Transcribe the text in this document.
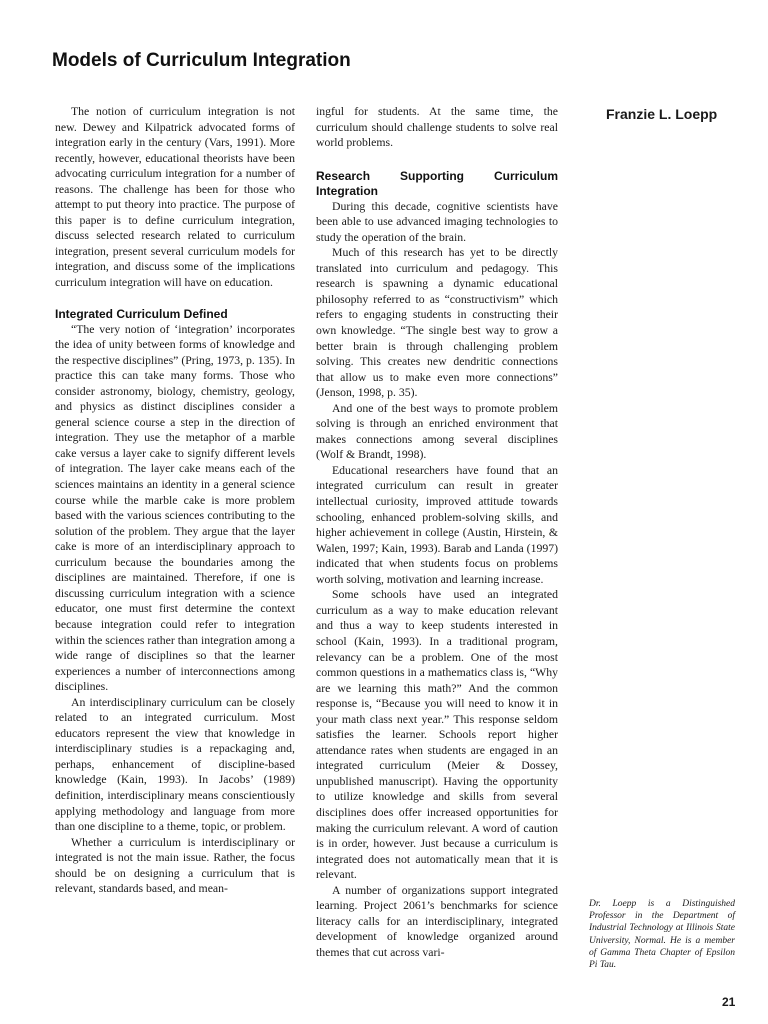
Models of Curriculum Integration

The notion of curriculum integration is not new. Dewey and Kilpatrick advocated forms of integration early in the century (Vars, 1991). More recently, however, educational theorists have been advocating curriculum integration for a number of reasons. The challenge has been for those who attempt to put theory into practice. The purpose of this paper is to define curriculum integration, discuss selected research related to curriculum integration, present several curriculum models for integration, and discuss some of the implications curriculum integration will have on education.

Integrated Curriculum Defined

“The very notion of ‘integration’ incorporates the idea of unity between forms of knowledge and the respective disciplines” (Pring, 1973, p. 135). In practice this can take many forms. Those who consider astronomy, biology, chemistry, geology, and physics as distinct disciplines consider a general science course a step in the direction of integration. They use the metaphor of a marble cake versus a layer cake to signify different levels of integration. The layer cake means each of the sciences maintains an identity in a general science course while the marble cake is more problem based with the various sciences contributing to the solution of the problem. They argue that the layer cake is more of an interdisciplinary approach to curriculum because the boundaries among the disciplines are maintained. Therefore, if one is discussing curriculum integration with a science educator, one must first determine the context because integration could refer to integration within the sciences rather than integration among a wide range of disciplines so that the learner experiences a number of interconnections among disciplines.

An interdisciplinary curriculum can be closely related to an integrated curriculum. Most educators represent the view that knowledge in interdisciplinary studies is a repackaging and, perhaps, enhancement of discipline-based knowledge (Kain, 1993). In Jacobs’ (1989) definition, interdisciplinary means conscientiously applying methodology and language from more than one discipline to a theme, topic, or problem.

Whether a curriculum is interdisciplinary or integrated is not the main issue. Rather, the focus should be on designing a curriculum that is relevant, standards based, and mean-

ingful for students. At the same time, the curriculum should challenge students to solve real world problems.

Research Supporting Curriculum Integration

During this decade, cognitive scientists have been able to use advanced imaging technologies to study the operation of the brain.

Much of this research has yet to be directly translated into curriculum and pedagogy. This research is spawning a dynamic educational philosophy referred to as “constructivism” which refers to engaging students in constructing their own knowledge. “The single best way to grow a better brain is through challenging problem solving. This creates new dendritic connections that allow us to make even more connections” (Jenson, 1998, p. 35).

And one of the best ways to promote problem solving is through an enriched environment that makes connections among several disciplines (Wolf & Brandt, 1998).

Educational researchers have found that an integrated curriculum can result in greater intellectual curiosity, improved attitude towards schooling, enhanced problem-solving skills, and higher achievement in college (Austin, Hirstein, & Walen, 1997; Kain, 1993). Barab and Landa (1997) indicated that when students focus on problems worth solving, motivation and learning increase.

Some schools have used an integrated curriculum as a way to make education relevant and thus a way to keep students interested in school (Kain, 1993). In a traditional program, relevancy can be a problem. One of the most common questions in a mathematics class is, “Why are we learning this math?” And the common response is, “Because you will need to know it in your math class next year.” This response seldom satisfies the learner. Schools report higher attendance rates when students are engaged in an integrated curriculum (Meier & Dossey, unpublished manuscript). Having the opportunity to utilize knowledge and skills from several disciplines does offer increased opportunities for making the curriculum relevant. A word of caution is in order, however. Just because a curriculum is integrated does not automatically mean that it is relevant.

A number of organizations support integrated learning. Project 2061’s benchmarks for science literacy calls for an interdisciplinary, integrated development of knowledge organized around themes that cut across vari-

Franzie L. Loepp

Dr. Loepp is a Distinguished Professor in the Department of Industrial Technology at Illinois State University, Normal. He is a member of Gamma Theta Chapter of Epsilon Pi Tau.

21
